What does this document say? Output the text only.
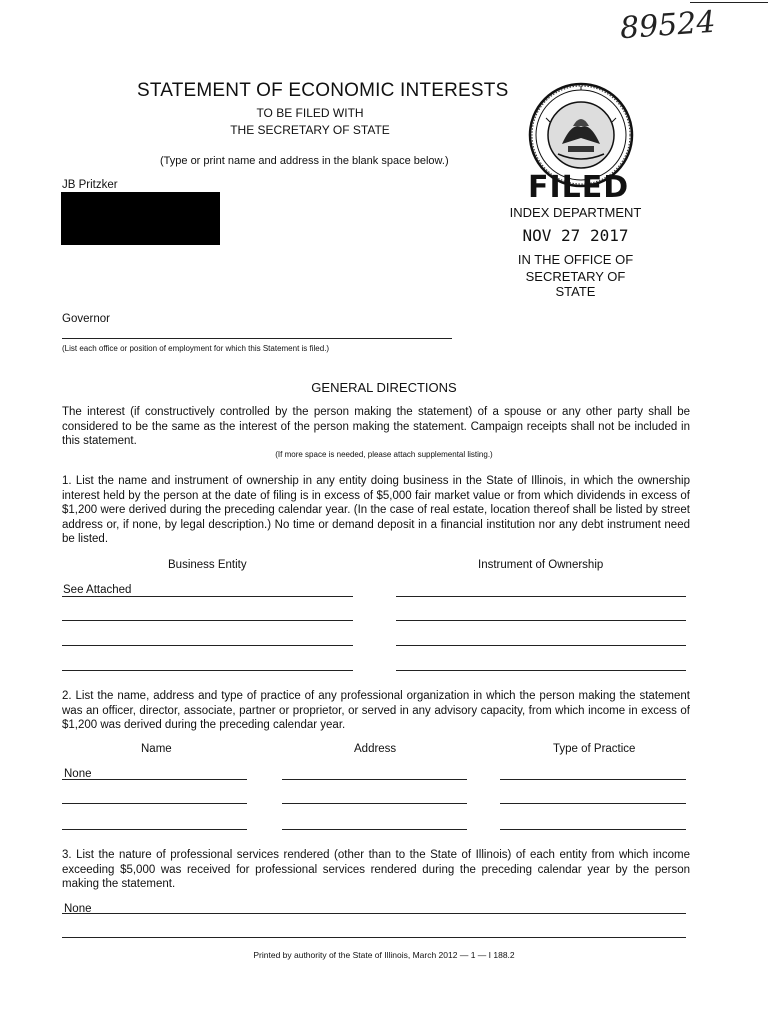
89524
STATEMENT OF ECONOMIC INTERESTS
TO BE FILED WITH
THE SECRETARY OF STATE
(Type or print name and address in the blank space below.)
JB Pritzker
Governor
(List each office or position of employment for which this Statement is filed.)
FILED
INDEX DEPARTMENT
NOV 27 2017
IN THE OFFICE OF
SECRETARY OF STATE
GENERAL DIRECTIONS
The interest (if constructively controlled by the person making the statement) of a spouse or any other party shall be considered to be the same as the interest of the person making the statement. Campaign receipts shall not be included in this statement.
(If more space is needed, please attach supplemental listing.)
1. List the name and instrument of ownership in any entity doing business in the State of Illinois, in which the ownership interest held by the person at the date of filing is in excess of $5,000 fair market value or from which dividends in excess of $1,200 were derived during the preceding calendar year. (In the case of real estate, location thereof shall be listed by street address or, if none, by legal description.) No time or demand deposit in a financial institution nor any debt instrument need be listed.
Business Entity	Instrument of Ownership
See Attached
2. List the name, address and type of practice of any professional organization in which the person making the statement was an officer, director, associate, partner or proprietor, or served in any advisory capacity, from which income in excess of $1,200 was derived during the preceding calendar year.
Name	Address	Type of Practice
None
3. List the nature of professional services rendered (other than to the State of Illinois) of each entity from which income exceeding $5,000 was received for professional services rendered during the preceding calendar year by the person making the statement.
None
Printed by authority of the State of Illinois, March 2012 — 1 — I 188.2
